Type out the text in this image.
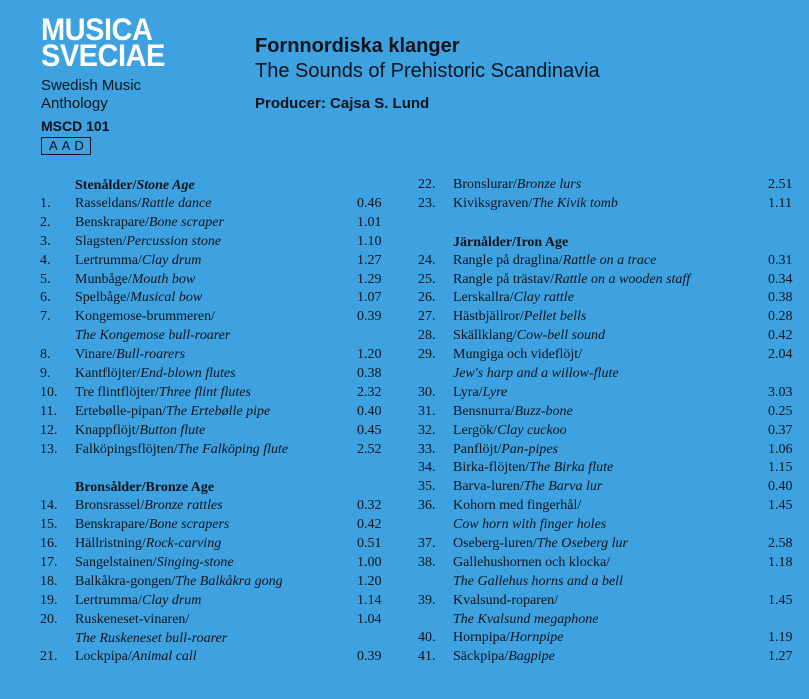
MUSICA
SVECIAE
Swedish Music
Anthology
MSCD 101
AAD
Fornnordiska klanger
The Sounds of Prehistoric Scandinavia
Producer: Cajsa S. Lund
Stenålder/Stone Age
1.	Rasseldans/Rattle dance	0.46
2.	Benskrapare/Bone scraper	1.01
3.	Slagsten/Percussion stone	1.10
4.	Lertrumma/Clay drum	1.27
5.	Munbåge/Mouth bow	1.29
6.	Spelbåge/Musical bow	1.07
7.	Kongemose-brummeren/	0.39
The Kongemose bull-roarer
8.	Vinare/Bull-roarers	1.20
9.	Kantflöjter/End-blown flutes	0.38
10.	Tre flintflöjter/Three flint flutes	2.32
11.	Ertebølle-pipan/The Ertebølle pipe	0.40
12.	Knappflöjt/Button flute	0.45
13.	Falköpingsflöjten/The Falköping flute	2.52
Bronsålder/Bronze Age
14.	Bronsrassel/Bronze rattles	0.32
15.	Benskrapare/Bone scrapers	0.42
16.	Hällristning/Rock-carving	0.51
17.	Sangelstainen/Singing-stone	1.00
18.	Balkåkra-gongen/The Balkåkra gong	1.20
19.	Lertrumma/Clay drum	1.14
20.	Ruskeneset-vinaren/	1.04
The Ruskeneset bull-roarer
21.	Lockpipa/Animal call	0.39
22.	Bronslurar/Bronze lurs	2.51
23.	Kiviksgraven/The Kivik tomb	1.11
Järnålder/Iron Age
24.	Rangle på draglina/Rattle on a trace	0.31
25.	Rangle på trästav/Rattle on a wooden staff	0.34
26.	Lerskallra/Clay rattle	0.38
27.	Hästbjällror/Pellet bells	0.28
28.	Skällklang/Cow-bell sound	0.42
29.	Mungiga och videflöjt/	2.04
Jew's harp and a willow-flute
30.	Lyra/Lyre	3.03
31.	Bensnurra/Buzz-bone	0.25
32.	Lergök/Clay cuckoo	0.37
33.	Panflöjt/Pan-pipes	1.06
34.	Birka-flöjten/The Birka flute	1.15
35.	Barva-luren/The Barva lur	0.40
36.	Kohorn med fingerhål/	1.45
Cow horn with finger holes
37.	Oseberg-luren/The Oseberg lur	2.58
38.	Gallehushornen och klocka/	1.18
The Gallehus horns and a bell
39.	Kvalsund-roparen/	1.45
The Kvalsund megaphone
40.	Hornpipa/Hornpipe	1.19
41.	Säckpipa/Bagpipe	1.27
